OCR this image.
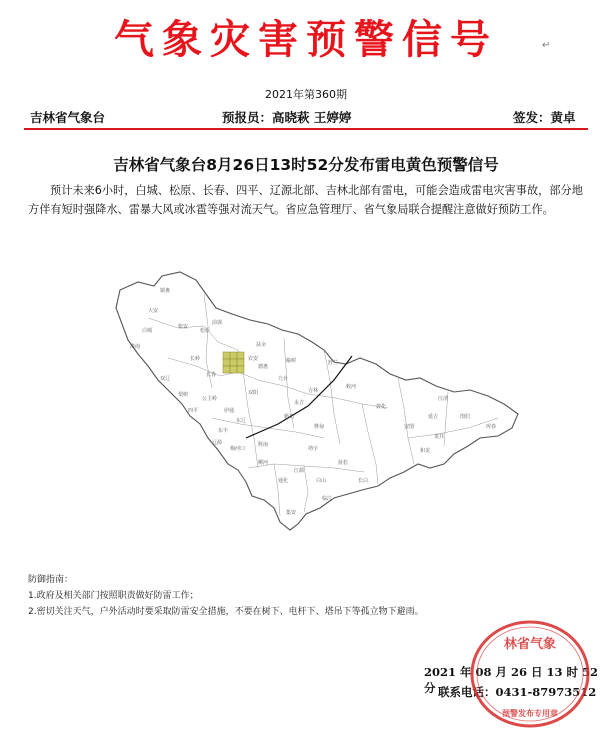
气象灾害预警信号	↵
2021年第360期
吉林省气象台	预报员：高晓萩 王婷婷	签发：黄卓
吉林省气象台8月26日13时52分发布雷电黄色预警信号
预计未来6小时，白城、松原、长春、四平、辽源北部、吉林北部有雷电，可能会造成雷电灾害事故，部分地方伴有短时强降水、雷暴大风或冰雹等强对流天气。省应急管理厅、省气象局联合提醒注意做好预防工作。
镇赉
大安
白城
洮南
乾安
松原
前郭
扶余
长岭	农安
德惠
长春
榆树	舒兰
吉林
蛟河
敦化
安图
汪清
珲春
图们
延吉
龙井
和龙
公主岭
四平
梨树
双辽
伊通
双阳
磐石
桦甸
辉南
柳河
梅河口
东丰
东辽
辽源
通化
集安
临江
长白
抚松
靖宇
白山
江源
九台
永吉
防御指南：
1.政府及相关部门按照职责做好防雷工作；
2.密切关注天气，户外活动时要采取防雷安全措施，不要在树下、电杆下、塔吊下等孤立物下避雨。
2021 年 08 月 26 日 13 时 52 分 联系电话：0431-87973512
林省气象
预警发布专用章
